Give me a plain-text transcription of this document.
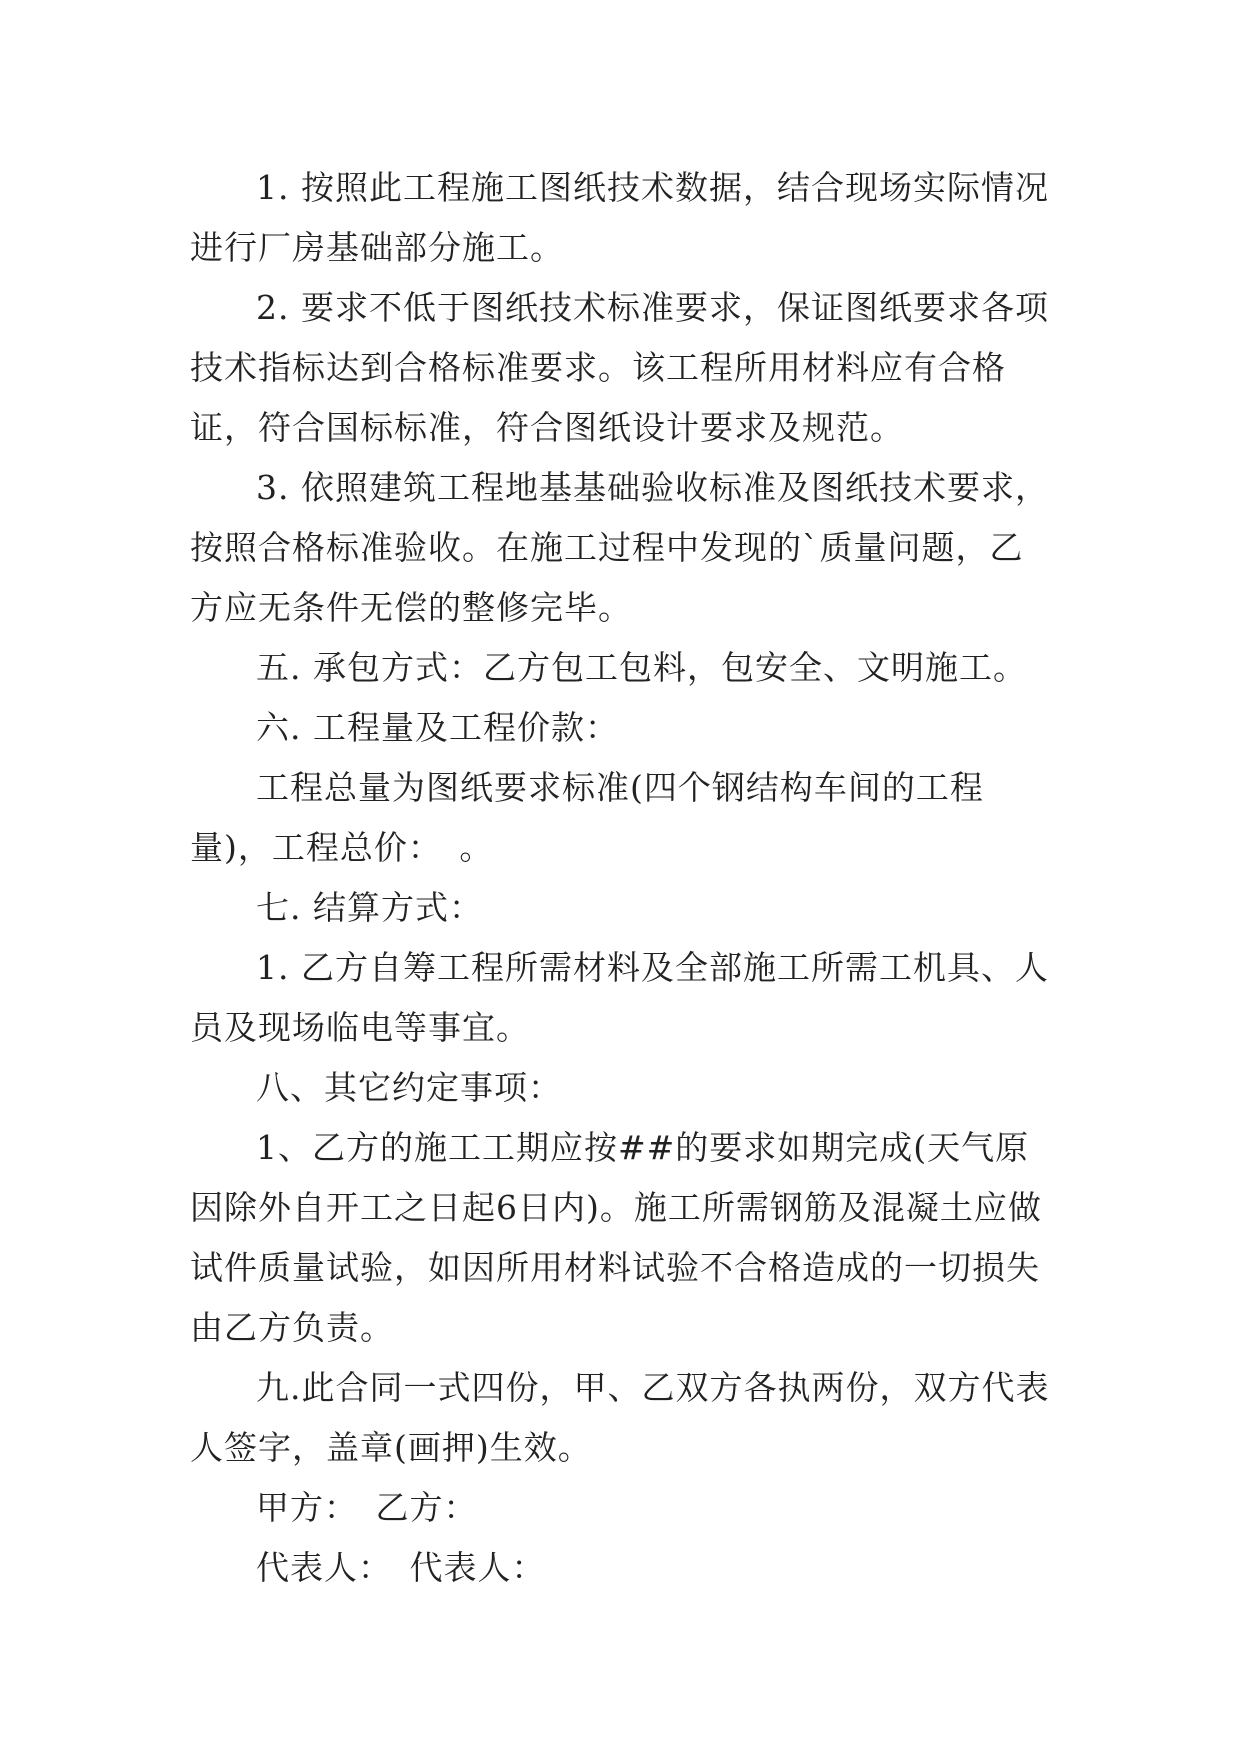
1. 按照此工程施工图纸技术数据，结合现场实际情况进行厂房基础部分施工。

2. 要求不低于图纸技术标准要求，保证图纸要求各项技术指标达到合格标准要求。该工程所用材料应有合格证，符合国标标准，符合图纸设计要求及规范。

3. 依照建筑工程地基基础验收标准及图纸技术要求，按照合格标准验收。在施工过程中发现的`质量问题，乙方应无条件无偿的整修完毕。

五. 承包方式：乙方包工包料，包安全、文明施工。

六. 工程量及工程价款：

工程总量为图纸要求标准(四个钢结构车间的工程量)，工程总价：　。

七. 结算方式：

1. 乙方自筹工程所需材料及全部施工所需工机具、人员及现场临电等事宜。

八、其它约定事项：

1、乙方的施工工期应按##的要求如期完成(天气原因除外自开工之日起6日内)。施工所需钢筋及混凝土应做试件质量试验，如因所用材料试验不合格造成的一切损失由乙方负责。

九.此合同一式四份，甲、乙双方各执两份，双方代表人签字，盖章(画押)生效。

甲方：　乙方：

代表人：　代表人：
